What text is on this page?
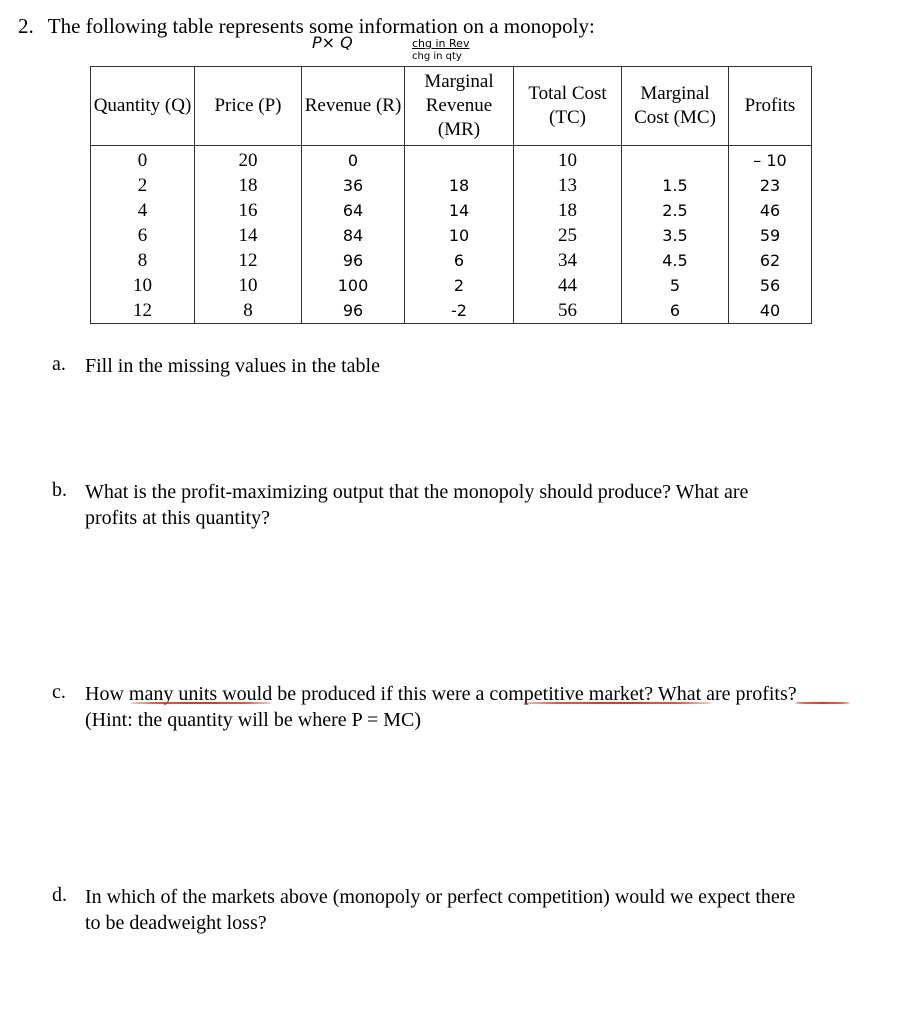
2. The following table represents some information on a monopoly:
P× Q	chg in Rev
chg in qty
Quantity (Q)	Price (P)	Revenue (R)	Marginal Revenue (MR)	Total Cost (TC)	Marginal Cost (MC)	Profits
0	20	0		10		– 10
2	18	36	18	13	1.5	23
4	16	64	14	18	2.5	46
6	14	84	10	25	3.5	59
8	12	96	6	34	4.5	62
10	10	100	2	44	5	56
12	8	96	-2	56	6	40
a. Fill in the missing values in the table
b. What is the profit-maximizing output that the monopoly should produce? What are
profits at this quantity?
c. How many units would be produced if this were a competitive market? What are profits?
(Hint: the quantity will be where P = MC)
d. In which of the markets above (monopoly or perfect competition) would we expect there
to be deadweight loss?
